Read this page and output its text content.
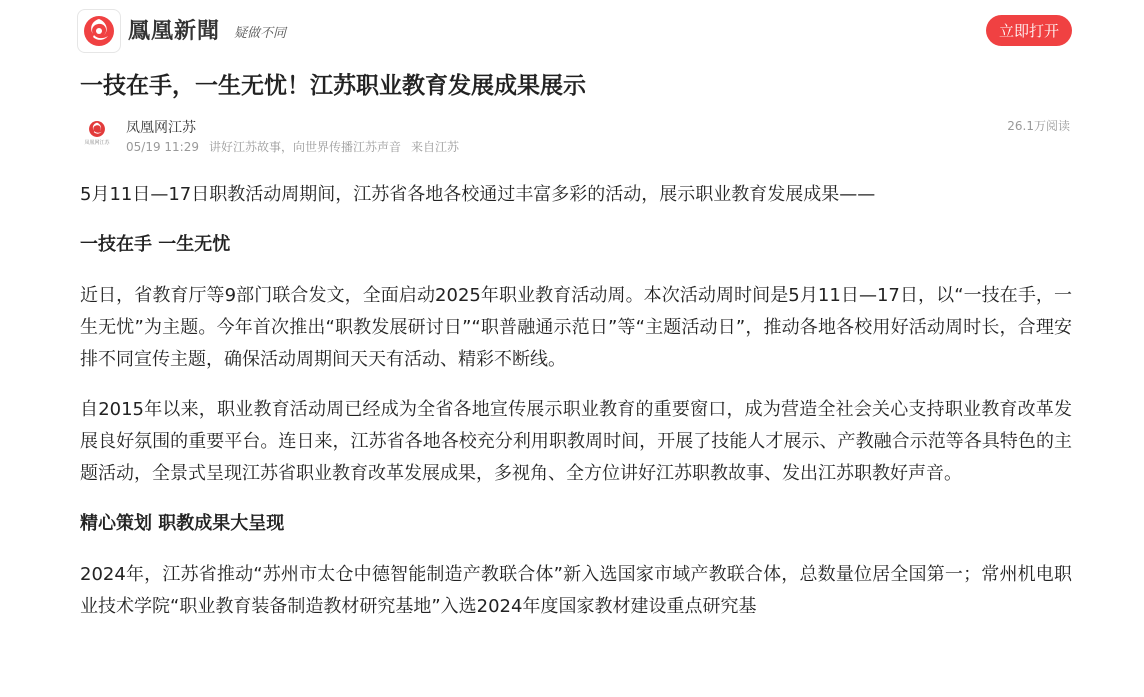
鳳凰新聞 疑做不同	立即打开
一技在手，一生无忧！江苏职业教育发展成果展示
凤凰网江苏
凤凰网江苏
05/19 11:29 讲好江苏故事，向世界传播江苏声音 来自江苏
26.1万阅读

5月11日—17日职教活动周期间，江苏省各地各校通过丰富多彩的活动，展示职业教育发展成果——

一技在手 一生无忧

近日，省教育厅等9部门联合发文，全面启动2025年职业教育活动周。本次活动周时间是5月11日—17日，以“一技在手，一生无忧”为主题。今年首次推出“职教发展研讨日”“职普融通示范日”等“主题活动日”，推动各地各校用好活动周时长，合理安排不同宣传主题，确保活动周期间天天有活动、精彩不断线。

自2015年以来，职业教育活动周已经成为全省各地宣传展示职业教育的重要窗口，成为营造全社会关心支持职业教育改革发展良好氛围的重要平台。连日来，江苏省各地各校充分利用职教周时间，开展了技能人才展示、产教融合示范等各具特色的主题活动，全景式呈现江苏省职业教育改革发展成果，多视角、全方位讲好江苏职教故事、发出江苏职教好声音。

精心策划 职教成果大呈现

2024年，江苏省推动“苏州市太仓中德智能制造产教联合体”新入选国家市域产教联合体，总数量位居全国第一；常州机电职业技术学院“职业教育装备制造教材研究基地”入选2024年度国家教材建设重点研究基
